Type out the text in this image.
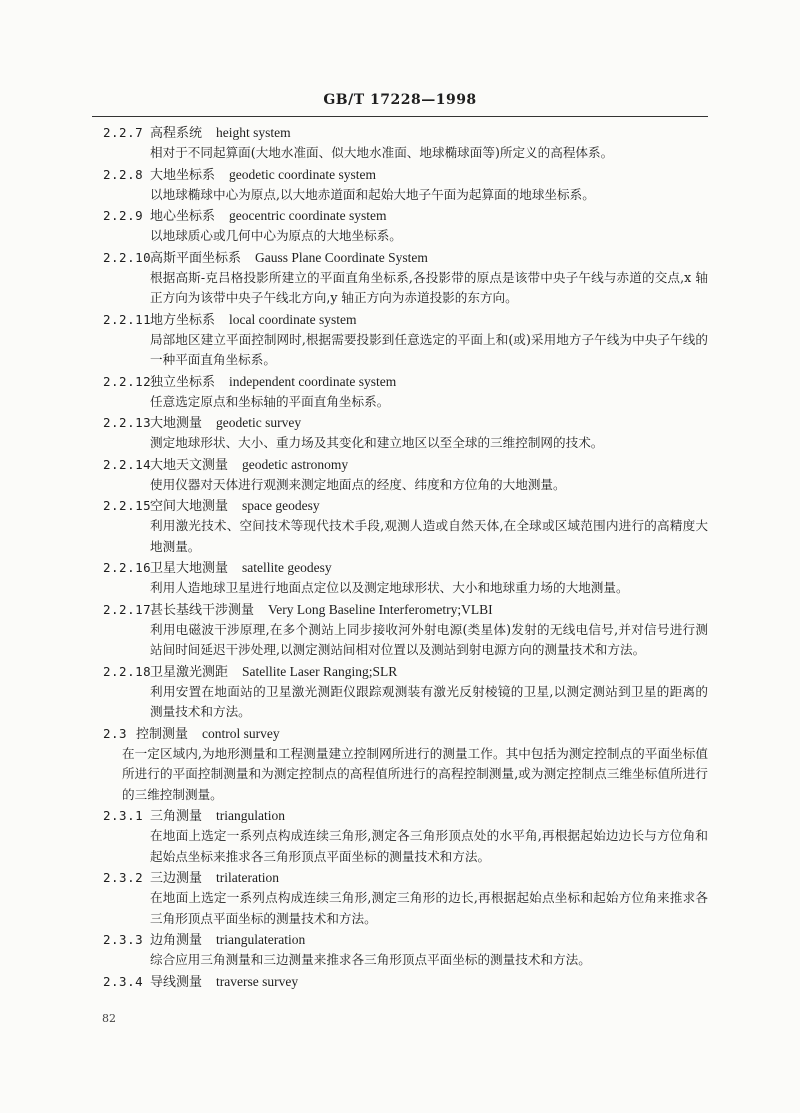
GB/T 17228—1998
2.2.7 高程系统 height system
相对于不同起算面(大地水准面、似大地水准面、地球椭球面等)所定义的高程体系。
2.2.8 大地坐标系 geodetic coordinate system
以地球椭球中心为原点,以大地赤道面和起始大地子午面为起算面的地球坐标系。
2.2.9 地心坐标系 geocentric coordinate system
以地球质心或几何中心为原点的大地坐标系。
2.2.10
高斯平面坐标系 Gauss Plane Coordinate System
根据高斯-克吕格投影所建立的平面直角坐标系,各投影带的原点是该带中央子午线与赤道的交点,x 轴正方向为该带中央子午线北方向,y 轴正方向为赤道投影的东方向。
2.2.11
地方坐标系 local coordinate system
局部地区建立平面控制网时,根据需要投影到任意选定的平面上和(或)采用地方子午线为中央子午线的一种平面直角坐标系。
2.2.12
独立坐标系 independent coordinate system
任意选定原点和坐标轴的平面直角坐标系。
2.2.13
大地测量 geodetic survey
测定地球形状、大小、重力场及其变化和建立地区以至全球的三维控制网的技术。
2.2.14
大地天文测量 geodetic astronomy
使用仪器对天体进行观测来测定地面点的经度、纬度和方位角的大地测量。
2.2.15
空间大地测量 space geodesy
利用激光技术、空间技术等现代技术手段,观测人造或自然天体,在全球或区域范围内进行的高精度大地测量。
2.2.16
卫星大地测量 satellite geodesy
利用人造地球卫星进行地面点定位以及测定地球形状、大小和地球重力场的大地测量。
2.2.17
甚长基线干涉测量 Very Long Baseline Interferometry;VLBI
利用电磁波干涉原理,在多个测站上同步接收河外射电源(类星体)发射的无线电信号,并对信号进行测站间时间延迟干涉处理,以测定测站间相对位置以及测站到射电源方向的测量技术和方法。
2.2.18
卫星激光测距 Satellite Laser Ranging;SLR
利用安置在地面站的卫星激光测距仪跟踪观测装有激光反射棱镜的卫星,以测定测站到卫星的距离的测量技术和方法。
2.3 控制测量 control survey
在一定区域内,为地形测量和工程测量建立控制网所进行的测量工作。其中包括为测定控制点的平面坐标值所进行的平面控制测量和为测定控制点的高程值所进行的高程控制测量,或为测定控制点三维坐标值所进行的三维控制测量。
2.3.1 三角测量 triangulation
在地面上选定一系列点构成连续三角形,测定各三角形顶点处的水平角,再根据起始边边长与方位角和起始点坐标来推求各三角形顶点平面坐标的测量技术和方法。
2.3.2 三边测量 trilateration
在地面上选定一系列点构成连续三角形,测定三角形的边长,再根据起始点坐标和起始方位角来推求各三角形顶点平面坐标的测量技术和方法。
2.3.3 边角测量 triangulateration
综合应用三角测量和三边测量来推求各三角形顶点平面坐标的测量技术和方法。
2.3.4 导线测量 traverse survey
82
